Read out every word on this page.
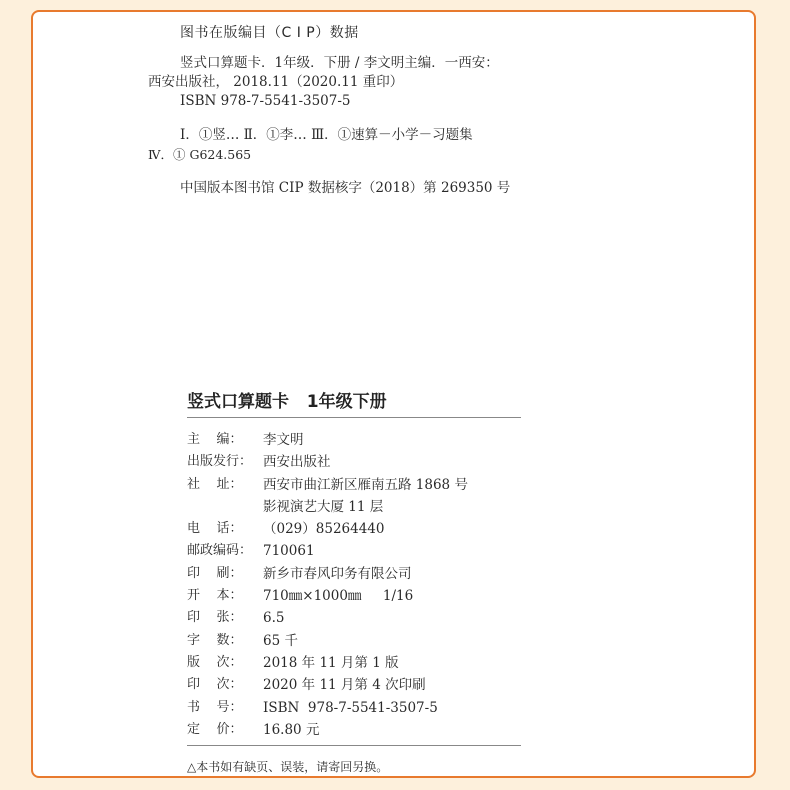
图书在版编目（C I P）数据

竖式口算题卡．1年级．下册 / 李文明主编．一西安：

西安出版社， 2018.11（2020.11 重印）

ISBN 978-7-5541-3507-5

Ⅰ．①竖… Ⅱ．①李… Ⅲ．①速算－小学－习题集

Ⅳ．① G624.565

中国版本图书馆 CIP 数据核字（2018）第 269350 号

竖式口算题卡   1年级下册
主    编：	李文明
出版发行： 西安出版社
社    址：	西安市曲江新区雁南五路 1868 号
影视演艺大厦 11 层
电    话：	（029）85264440
邮政编码： 710061
印    刷：	新乡市春风印务有限公司
开    本：	710㎜×1000㎜     1/16
印    张：	6.5
字    数：	65 千
版    次：	2018 年 11 月第 1 版
印    次：	2020 年 11 月第 4 次印刷
书    号：	ISBN  978-7-5541-3507-5
定    价：	16.80 元
△本书如有缺页、误装，请寄回另换。
